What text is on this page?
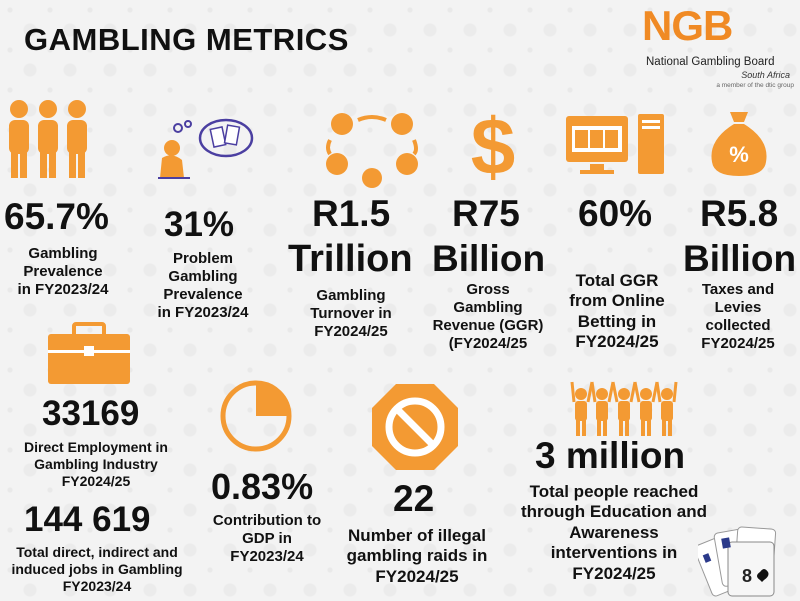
GAMBLING METRICS	NGB
National Gambling Board
South Africa
a member of the dtic group
65.7%
Gambling
Prevalence
in FY2023/24
31%
Problem
Gambling
Prevalence
in FY2023/24
R1.5
Trillion
Gambling
Turnover in
FY2024/25
$
R75
Billion
Gross
Gambling
Revenue (GGR)
(FY2024/25
60%
Total GGR
from Online
Betting in
FY2024/25
%
R5.8
Billion
Taxes and
Levies
collected
FY2024/25
33169
Direct Employment in
Gambling Industry
FY2024/25
144 619
Total direct, indirect and
induced jobs in Gambling
FY2023/24
0.83%
Contribution to
GDP in
FY2023/24
22
Number of illegal
gambling raids in
FY2024/25
3 million
Total people reached
through Education and
Awareness
interventions in
FY2024/25	8
